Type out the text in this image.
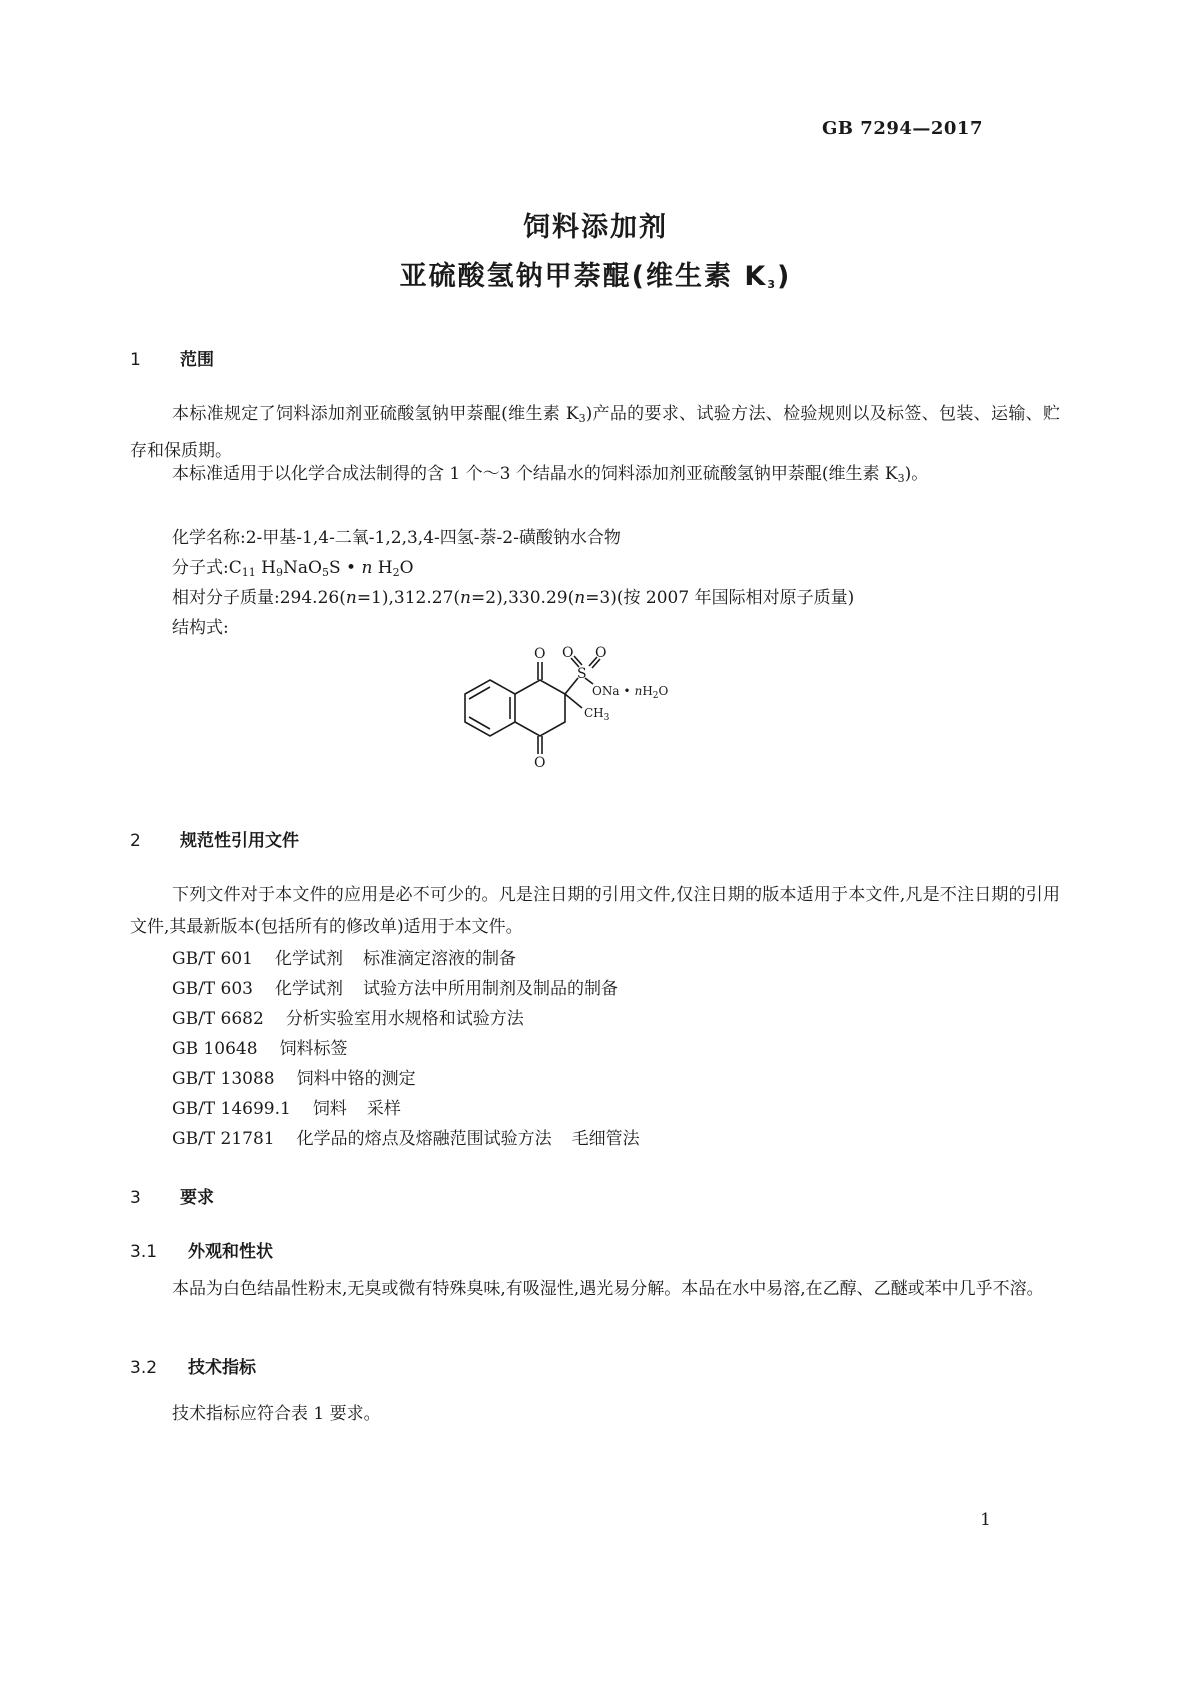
GB 7294—2017
饲料添加剂
亚硫酸氢钠甲萘醌(维生素 $K_3$)
1 范围
本标准规定了饲料添加剂亚硫酸氢钠甲萘醌(维生素 $K_3$)产品的要求、试验方法、检验规则以及标签、包装、运输、贮存和保质期。
本标准适用于以化学合成法制得的含 1 个～3 个结晶水的饲料添加剂亚硫酸氢钠甲萘醌(维生素 $K_3$)。
化学名称:2-甲基-1,4-二氧-1,2,3,4-四氢-萘-2-磺酸钠水合物
分子式$:C_{11}$ $H_9NaO_5S$ • n $H_2O$
相对分子质量:294.26(n=1),312.27(n=2),330.29(n=3)(按 2007 年国际相对原子质量)
结构式:
O
O
S
O O
ONa • $nH_2O$
$CH_3$
2 规范性引用文件
下列文件对于本文件的应用是必不可少的。凡是注日期的引用文件,仅注日期的版本适用于本文件,凡是不注日期的引用文件,其最新版本(包括所有的修改单)适用于本文件。
GB/T 601 化学试剂 标准滴定溶液的制备
GB/T 603 化学试剂 试验方法中所用制剂及制品的制备
GB/T 6682 分析实验室用水规格和试验方法
GB 10648 饲料标签
GB/T 13088 饲料中铬的测定
GB/T 14699.1 饲料 采样
GB/T 21781 化学品的熔点及熔融范围试验方法 毛细管法
3 要求
3.1 外观和性状
本品为白色结晶性粉末,无臭或微有特殊臭味,有吸湿性,遇光易分解。本品在水中易溶,在乙醇、乙醚或苯中几乎不溶。
3.2 技术指标
技术指标应符合表 1 要求。
1
